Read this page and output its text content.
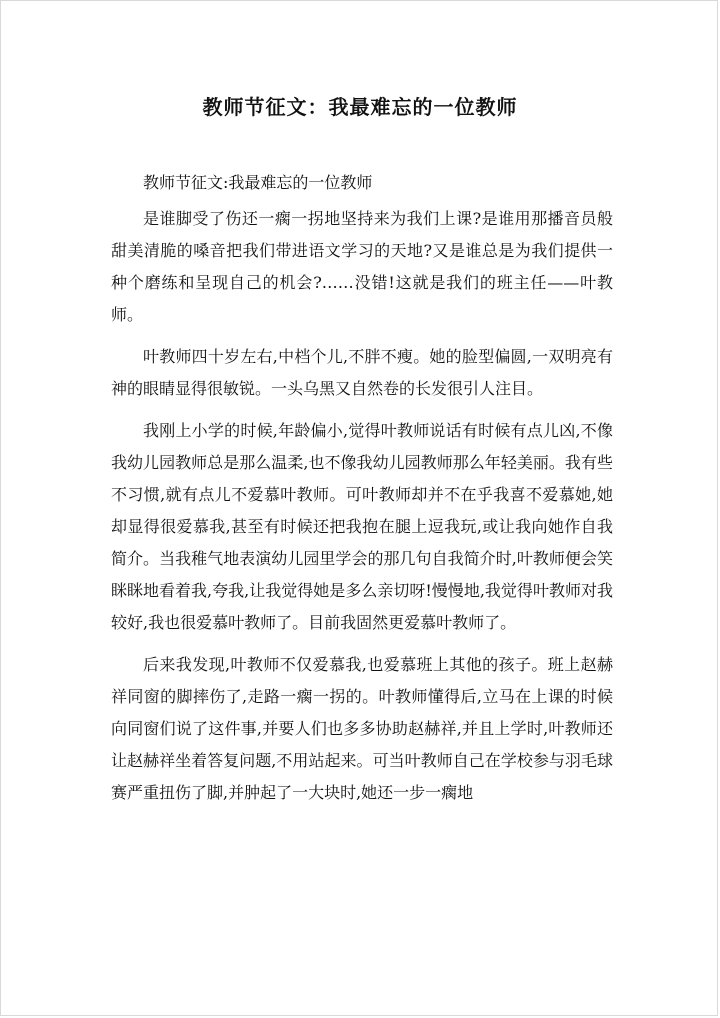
教师节征文：我最难忘的一位教师

教师节征文:我最难忘的一位教师

是谁脚受了伤还一瘸一拐地坚持来为我们上课?是谁用那播音员般甜美清脆的嗓音把我们带进语文学习的天地?又是谁总是为我们提供一种个磨练和呈现自己的机会?……没错!这就是我们的班主任——叶教师。

叶教师四十岁左右,中档个儿,不胖不瘦。她的脸型偏圆,一双明亮有神的眼睛显得很敏锐。一头乌黑又自然卷的长发很引人注目。

我刚上小学的时候,年龄偏小,觉得叶教师说话有时候有点儿凶,不像我幼儿园教师总是那么温柔,也不像我幼儿园教师那么年轻美丽。我有些不习惯,就有点儿不爱慕叶教师。可叶教师却并不在乎我喜不爱慕她,她却显得很爱慕我,甚至有时候还把我抱在腿上逗我玩,或让我向她作自我简介。当我稚气地表演幼儿园里学会的那几句自我简介时,叶教师便会笑眯眯地看着我,夸我,让我觉得她是多么亲切呀!慢慢地,我觉得叶教师对我较好,我也很爱慕叶教师了。目前我固然更爱慕叶教师了。

后来我发现,叶教师不仅爱慕我,也爱慕班上其他的孩子。班上赵赫祥同窗的脚摔伤了,走路一瘸一拐的。叶教师懂得后,立马在上课的时候向同窗们说了这件事,并要人们也多多协助赵赫祥,并且上学时,叶教师还让赵赫祥坐着答复问题,不用站起来。可当叶教师自己在学校参与羽毛球赛严重扭伤了脚,并肿起了一大块时,她还一步一瘸地
